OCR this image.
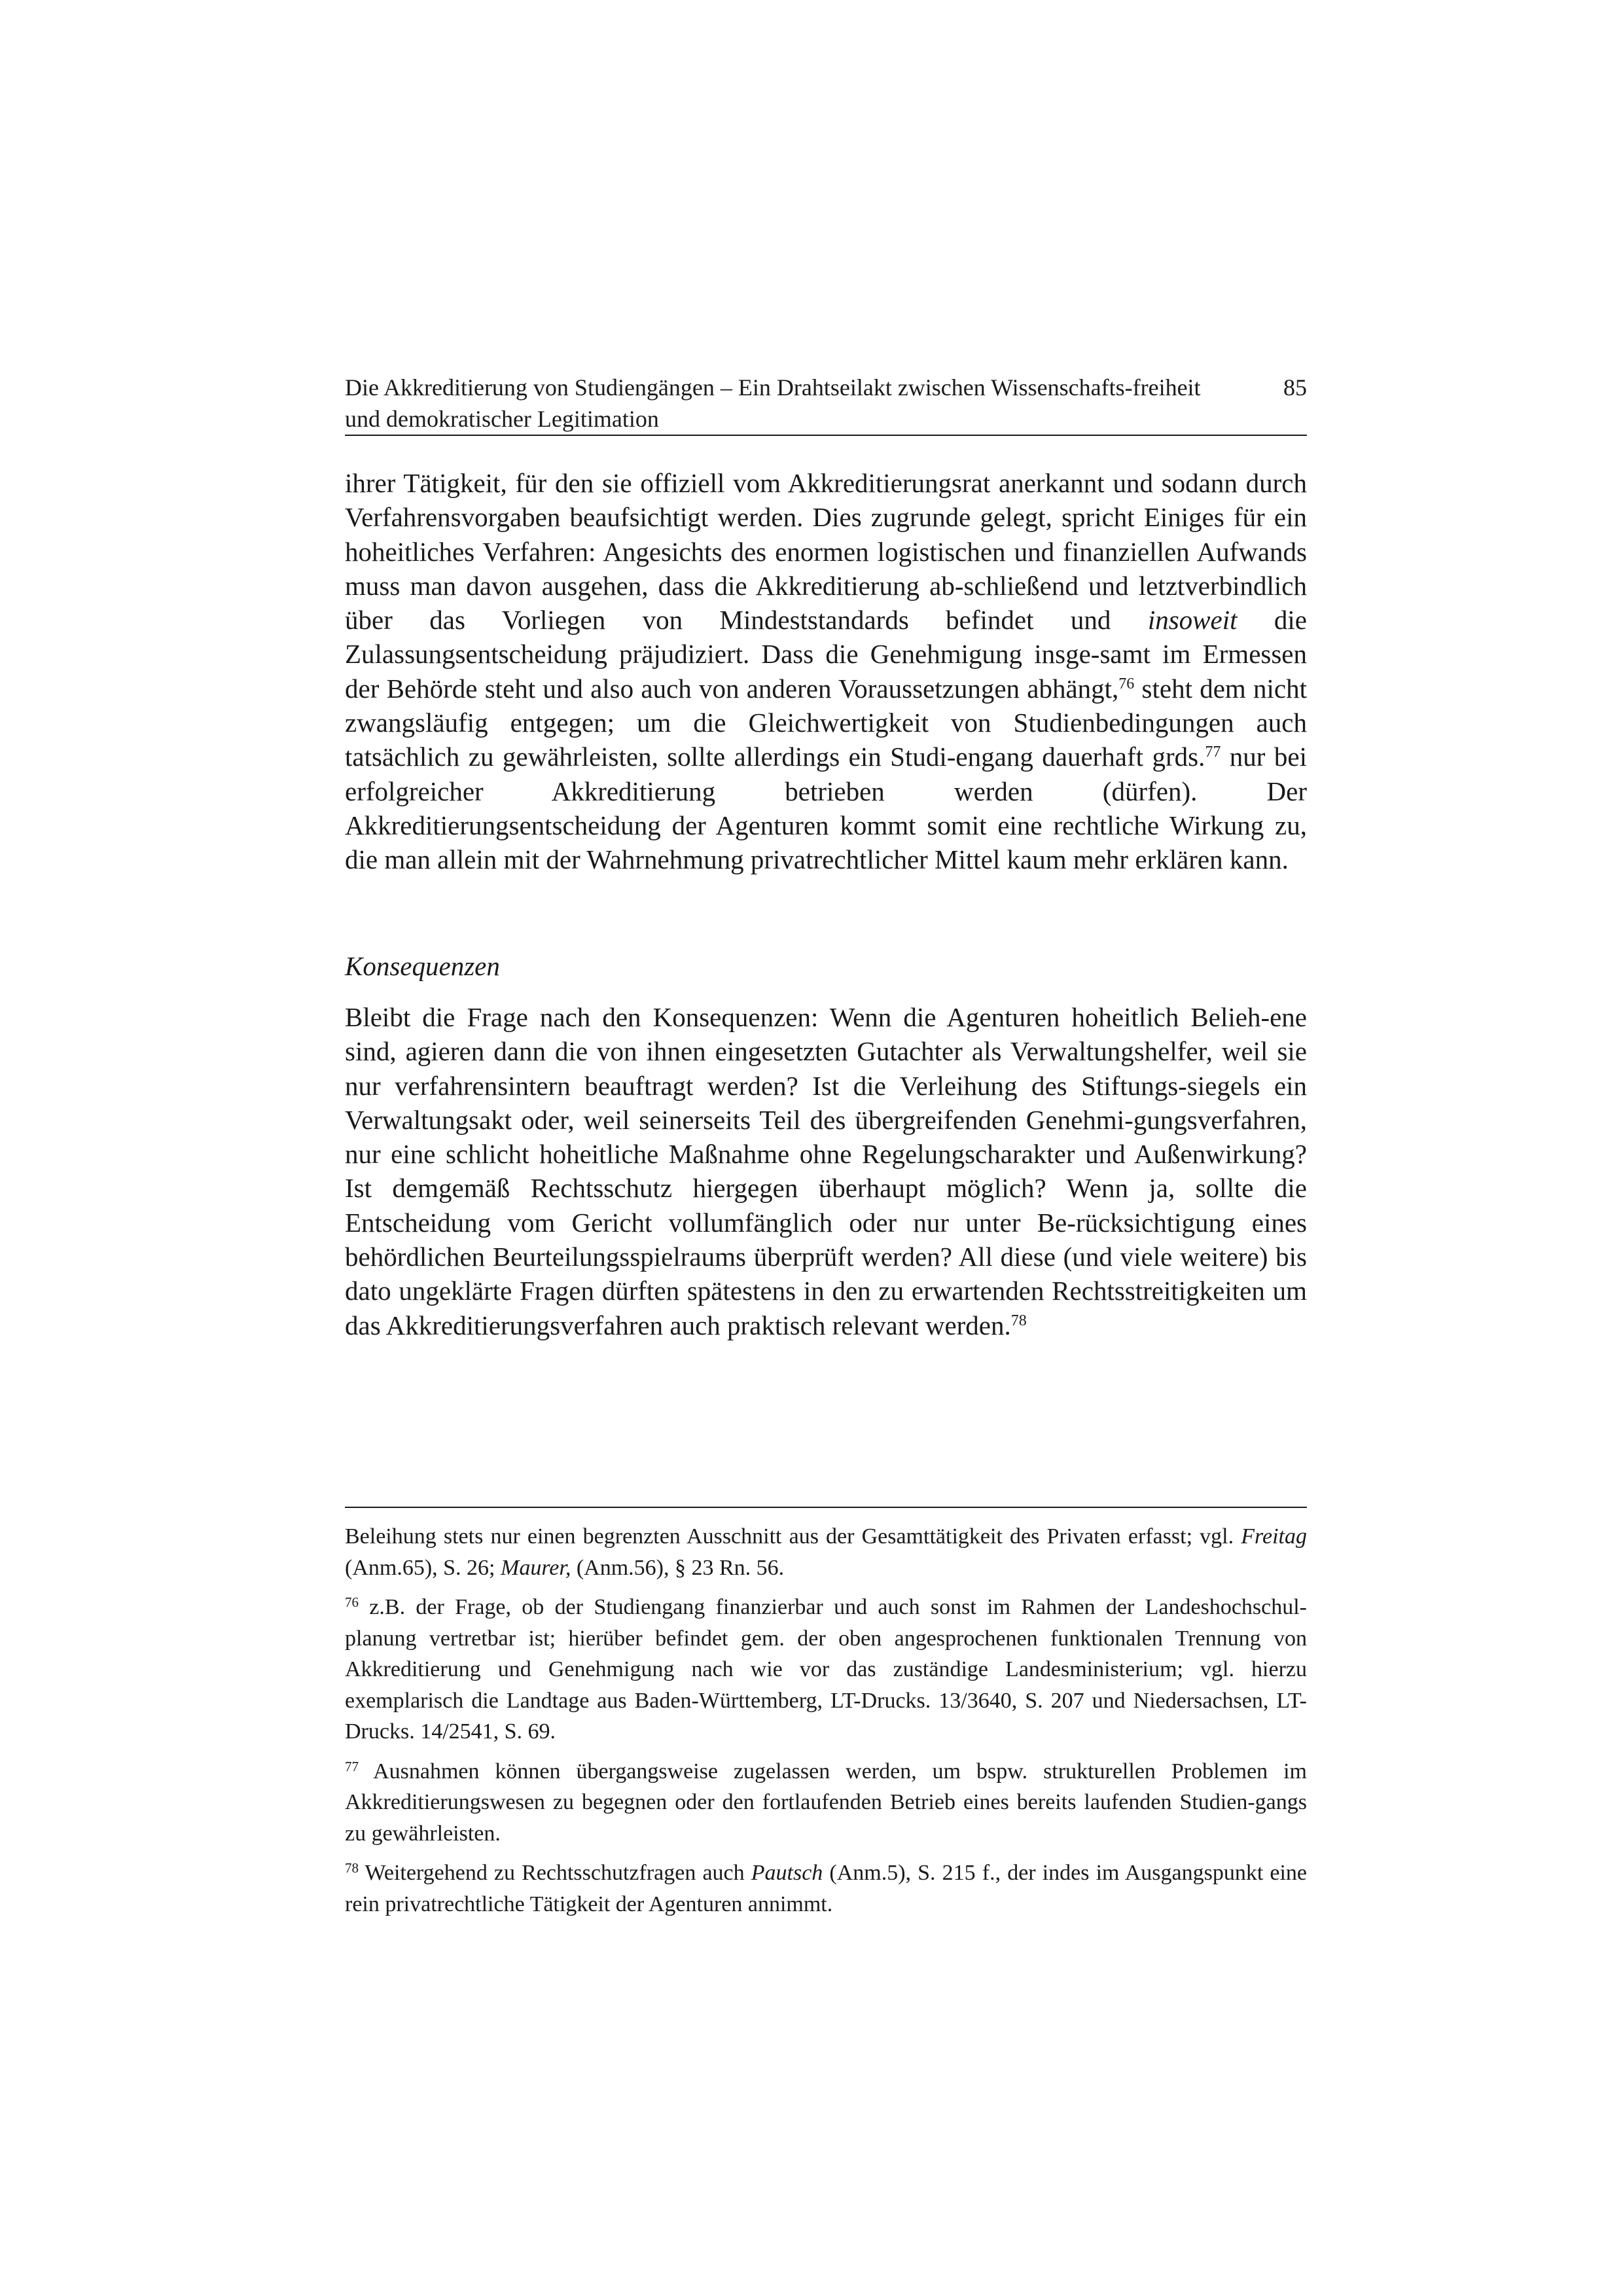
Die Akkreditierung von Studiengängen – Ein Drahtseilakt zwischen Wissenschafts-freiheit und demokratischer Legitimation
85

ihrer Tätigkeit, für den sie offiziell vom Akkreditierungsrat anerkannt und sodann durch Verfahrensvorgaben beaufsichtigt werden. Dies zugrunde gelegt, spricht Einiges für ein hoheitliches Verfahren: Angesichts des enormen logistischen und finanziellen Aufwands muss man davon ausgehen, dass die Akkreditierung ab-schließend und letztverbindlich über das Vorliegen von Mindeststandards befindet und insoweit die Zulassungsentscheidung präjudiziert. Dass die Genehmigung insge-samt im Ermessen der Behörde steht und also auch von anderen Voraussetzungen abhängt,$^{76}$ steht dem nicht zwangsläufig entgegen; um die Gleichwertigkeit von Studienbedingungen auch tatsächlich zu gewährleisten, sollte allerdings ein Studi-engang dauerhaft grds.$^{77}$ nur bei erfolgreicher Akkreditierung betrieben werden (dürfen). Der Akkreditierungsentscheidung der Agenturen kommt somit eine rechtliche Wirkung zu, die man allein mit der Wahrnehmung privatrechtlicher Mittel kaum mehr erklären kann.

Konsequenzen

Bleibt die Frage nach den Konsequenzen: Wenn die Agenturen hoheitlich Belieh-ene sind, agieren dann die von ihnen eingesetzten Gutachter als Verwaltungshelfer, weil sie nur verfahrensintern beauftragt werden? Ist die Verleihung des Stiftungs-siegels ein Verwaltungsakt oder, weil seinerseits Teil des übergreifenden Genehmi-gungsverfahren, nur eine schlicht hoheitliche Maßnahme ohne Regelungscharakter und Außenwirkung? Ist demgemäß Rechtsschutz hiergegen überhaupt möglich? Wenn ja, sollte die Entscheidung vom Gericht vollumfänglich oder nur unter Be-rücksichtigung eines behördlichen Beurteilungsspielraums überprüft werden? All diese (und viele weitere) bis dato ungeklärte Fragen dürften spätestens in den zu erwartenden Rechtsstreitigkeiten um das Akkreditierungsverfahren auch praktisch relevant werden.$^{78}$

Beleihung stets nur einen begrenzten Ausschnitt aus der Gesamttätigkeit des Privaten erfasst; vgl. Freitag (Anm.65), S. 26; Maurer, (Anm.56), § 23 Rn. 56.

$^{76}$ z.B. der Frage, ob der Studiengang finanzierbar und auch sonst im Rahmen der Landeshochschul-planung vertretbar ist; hierüber befindet gem. der oben angesprochenen funktionalen Trennung von Akkreditierung und Genehmigung nach wie vor das zuständige Landesministerium; vgl. hierzu exemplarisch die Landtage aus Baden-Württemberg, LT-Drucks. 13/3640, S. 207 und Niedersachsen, LT-Drucks. 14/2541, S. 69.

$^{77}$ Ausnahmen können übergangsweise zugelassen werden, um bspw. strukturellen Problemen im Akkreditierungswesen zu begegnen oder den fortlaufenden Betrieb eines bereits laufenden Studien-gangs zu gewährleisten.

$^{78}$ Weitergehend zu Rechtsschutzfragen auch Pautsch (Anm.5), S. 215 f., der indes im Ausgangspunkt eine rein privatrechtliche Tätigkeit der Agenturen annimmt.
